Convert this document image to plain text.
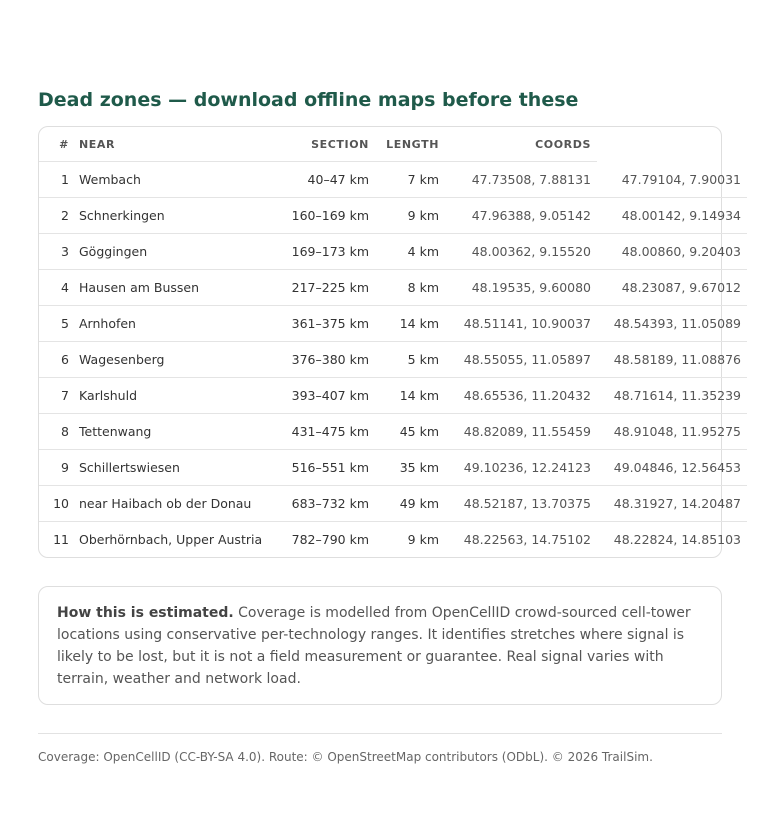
Dead zones — download offline maps before these
#	NEAR	SECTION	LENGTH	COORDS	
1	Wembach	40–47 km	7 km	47.73508, 7.88131	47.79104, 7.90031
2	Schnerkingen	160–169 km	9 km	47.96388, 9.05142	48.00142, 9.14934
3	Göggingen	169–173 km	4 km	48.00362, 9.15520	48.00860, 9.20403
4	Hausen am Bussen	217–225 km	8 km	48.19535, 9.60080	48.23087, 9.67012
5	Arnhofen	361–375 km	14 km	48.51141, 10.90037	48.54393, 11.05089
6	Wagesenberg	376–380 km	5 km	48.55055, 11.05897	48.58189, 11.08876
7	Karlshuld	393–407 km	14 km	48.65536, 11.20432	48.71614, 11.35239
8	Tettenwang	431–475 km	45 km	48.82089, 11.55459	48.91048, 11.95275
9	Schillertswiesen	516–551 km	35 km	49.10236, 12.24123	49.04846, 12.56453
10	near Haibach ob der Donau	683–732 km	49 km	48.52187, 13.70375	48.31927, 14.20487
11	Oberhörnbach, Upper Austria	782–790 km	9 km	48.22563, 14.75102	48.22824, 14.85103
How this is estimated. Coverage is modelled from OpenCellID crowd-sourced cell-tower locations using conservative per-technology ranges. It identifies stretches where signal is likely to be lost, but it is not a field measurement or guarantee. Real signal varies with terrain, weather and network load.
Coverage: OpenCellID (CC-BY-SA 4.0). Route: © OpenStreetMap contributors (ODbL). © 2026 TrailSim.
